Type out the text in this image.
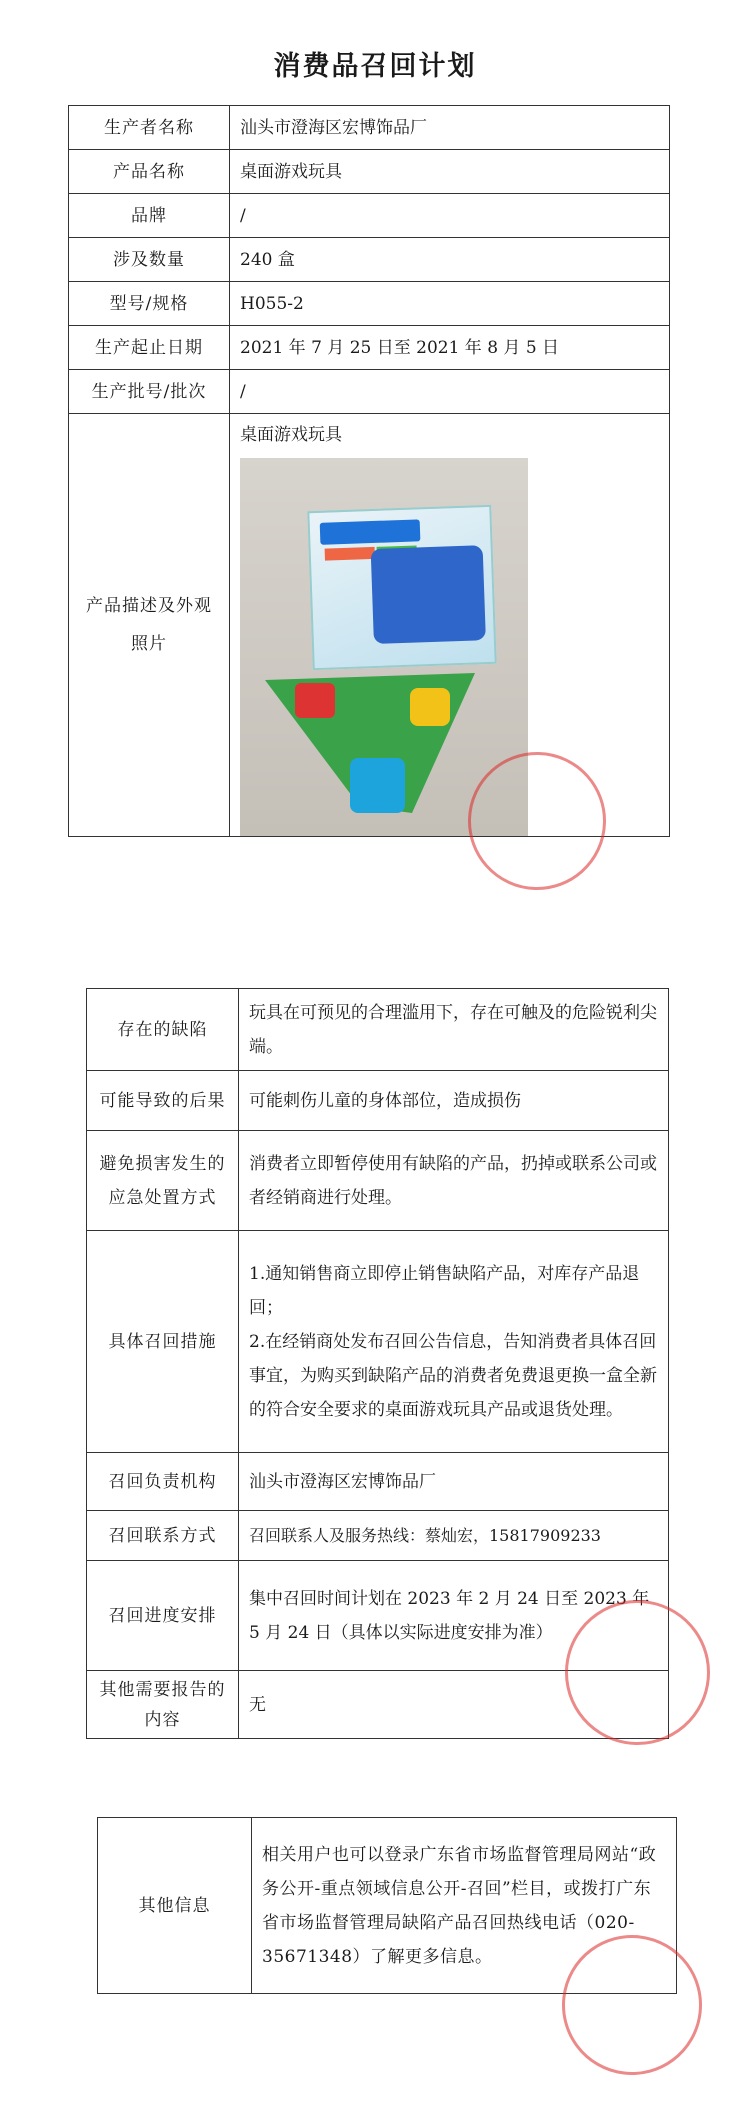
消费品召回计划
生产者名称	汕头市澄海区宏博饰品厂
产品名称	桌面游戏玩具
品牌	/
涉及数量	240 盒
型号/规格	H055-2
生产起止日期	2021 年 7 月 25 日至 2021 年 8 月 5 日
生产批号/批次	/
产品描述及外观照片	桌面游戏玩具
存在的缺陷	玩具在可预见的合理滥用下，存在可触及的危险锐利尖端。
可能导致的后果	可能刺伤儿童的身体部位，造成损伤
避免损害发生的应急处置方式	消费者立即暂停使用有缺陷的产品，扔掉或联系公司或者经销商进行处理。
具体召回措施	1.通知销售商立即停止销售缺陷产品，对库存产品退回；
2.在经销商处发布召回公告信息，告知消费者具体召回事宜，为购买到缺陷产品的消费者免费退更换一盒全新的符合安全要求的桌面游戏玩具产品或退货处理。

召回负责机构	汕头市澄海区宏博饰品厂
召回联系方式	召回联系人及服务热线：蔡灿宏，15817909233
召回进度安排	集中召回时间计划在 2023 年 2 月 24 日至 2023 年 5 月 24 日（具体以实际进度安排为准）
其他需要报告的内容	无
其他信息	相关用户也可以登录广东省市场监督管理局网站“政务公开-重点领域信息公开-召回”栏目，或拨打广东省市场监督管理局缺陷产品召回热线电话（020-35671348）了解更多信息。
